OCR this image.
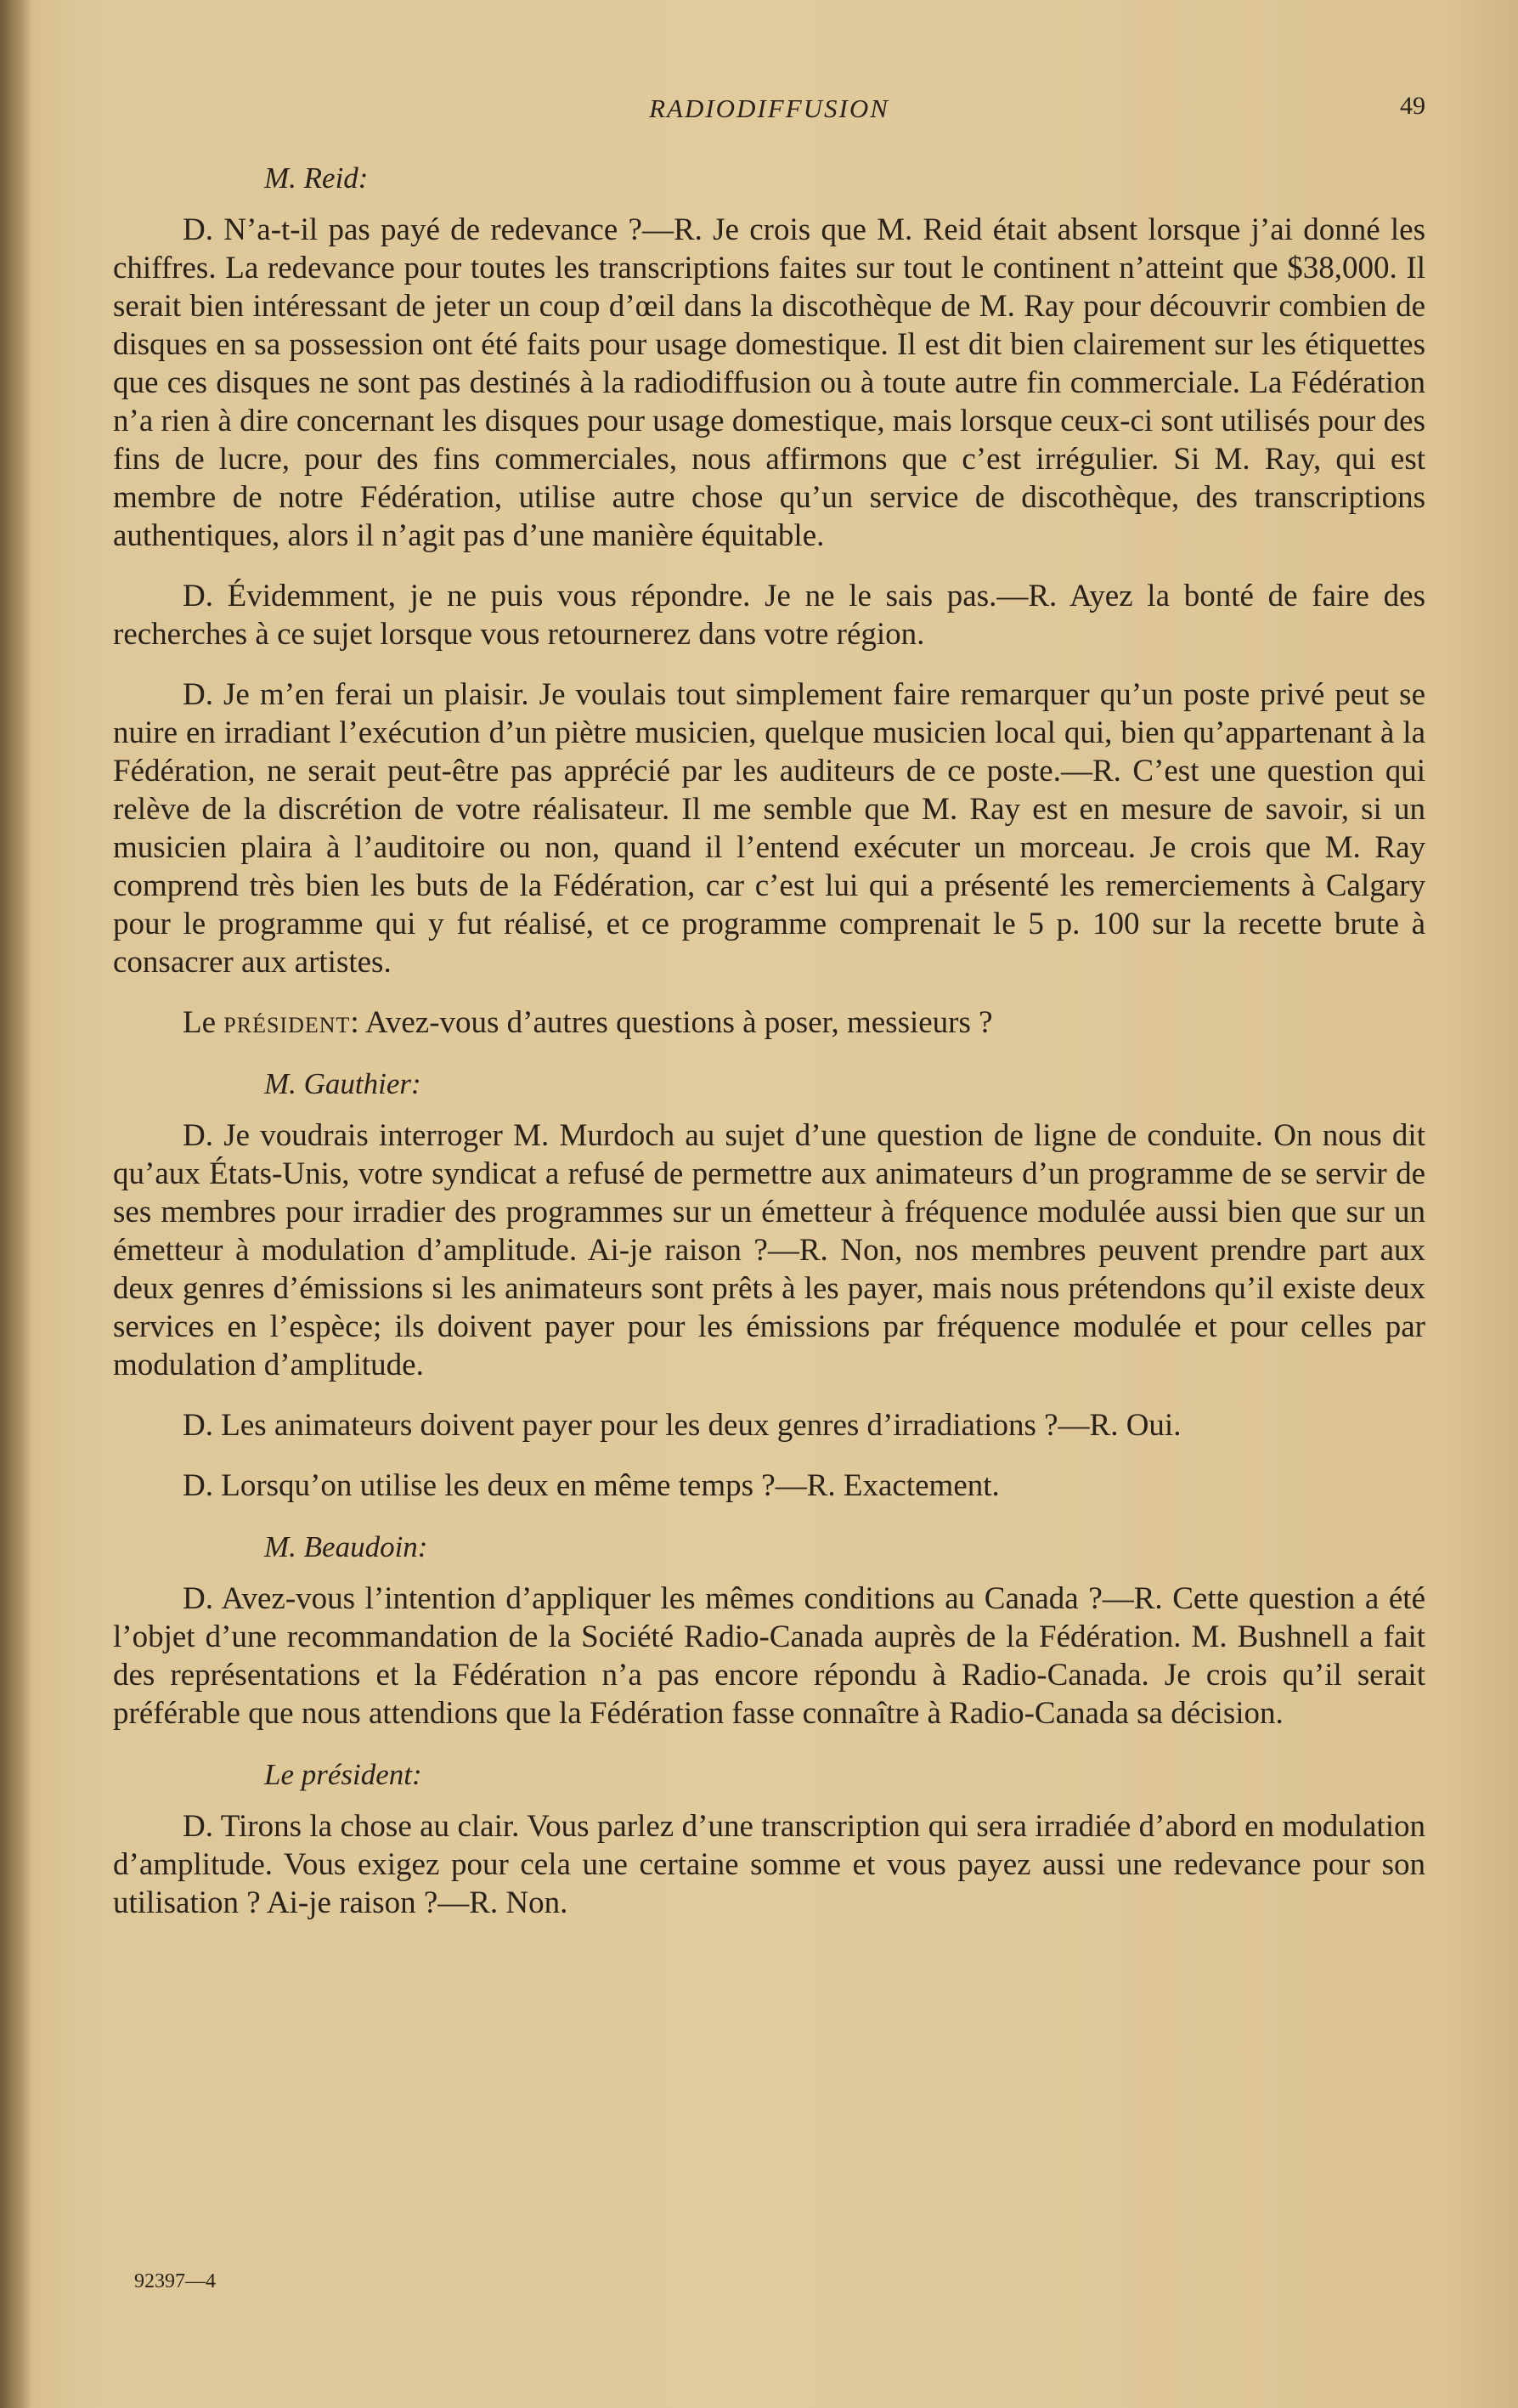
RADIODIFFUSION	49
M. Reid:

D. N’a-t-il pas payé de redevance ?—R. Je crois que M. Reid était absent lorsque j’ai donné les chiffres. La redevance pour toutes les transcriptions faites sur tout le continent n’atteint que $38,000. Il serait bien intéressant de jeter un coup d’œil dans la discothèque de M. Ray pour découvrir combien de disques en sa possession ont été faits pour usage domestique. Il est dit bien clairement sur les étiquettes que ces disques ne sont pas destinés à la radiodiffusion ou à toute autre fin commerciale. La Fédération n’a rien à dire concernant les disques pour usage domestique, mais lorsque ceux-ci sont utilisés pour des fins de lucre, pour des fins commerciales, nous affirmons que c’est irrégulier. Si M. Ray, qui est membre de notre Fédération, utilise autre chose qu’un service de discothèque, des transcriptions authentiques, alors il n’agit pas d’une manière équitable.

D. Évidemment, je ne puis vous répondre. Je ne le sais pas.—R. Ayez la bonté de faire des recherches à ce sujet lorsque vous retournerez dans votre région.

D. Je m’en ferai un plaisir. Je voulais tout simplement faire remarquer qu’un poste privé peut se nuire en irradiant l’exécution d’un piètre musicien, quelque musicien local qui, bien qu’appartenant à la Fédération, ne serait peut-être pas apprécié par les auditeurs de ce poste.—R. C’est une question qui relève de la discrétion de votre réalisateur. Il me semble que M. Ray est en mesure de savoir, si un musicien plaira à l’auditoire ou non, quand il l’entend exécuter un morceau. Je crois que M. Ray comprend très bien les buts de la Fédération, car c’est lui qui a présenté les remerciements à Calgary pour le programme qui y fut réalisé, et ce programme comprenait le 5 p. 100 sur la recette brute à consacrer aux artistes.

Le président: Avez-vous d’autres questions à poser, messieurs ?

M. Gauthier:

D. Je voudrais interroger M. Murdoch au sujet d’une question de ligne de conduite. On nous dit qu’aux États-Unis, votre syndicat a refusé de permettre aux animateurs d’un programme de se servir de ses membres pour irradier des programmes sur un émetteur à fréquence modulée aussi bien que sur un émetteur à modulation d’amplitude. Ai-je raison ?—R. Non, nos membres peuvent prendre part aux deux genres d’émissions si les animateurs sont prêts à les payer, mais nous prétendons qu’il existe deux services en l’espèce; ils doivent payer pour les émissions par fréquence modulée et pour celles par modulation d’amplitude.

D. Les animateurs doivent payer pour les deux genres d’irradiations ?—R. Oui.

D. Lorsqu’on utilise les deux en même temps ?—R. Exactement.

M. Beaudoin:

D. Avez-vous l’intention d’appliquer les mêmes conditions au Canada ?—R. Cette question a été l’objet d’une recommandation de la Société Radio-Canada auprès de la Fédération. M. Bushnell a fait des représentations et la Fédération n’a pas encore répondu à Radio-Canada. Je crois qu’il serait préférable que nous attendions que la Fédération fasse connaître à Radio-Canada sa décision.

Le président:

D. Tirons la chose au clair. Vous parlez d’une transcription qui sera irradiée d’abord en modulation d’amplitude. Vous exigez pour cela une certaine somme et vous payez aussi une redevance pour son utilisation ? Ai-je raison ?—R. Non.

92397—4
